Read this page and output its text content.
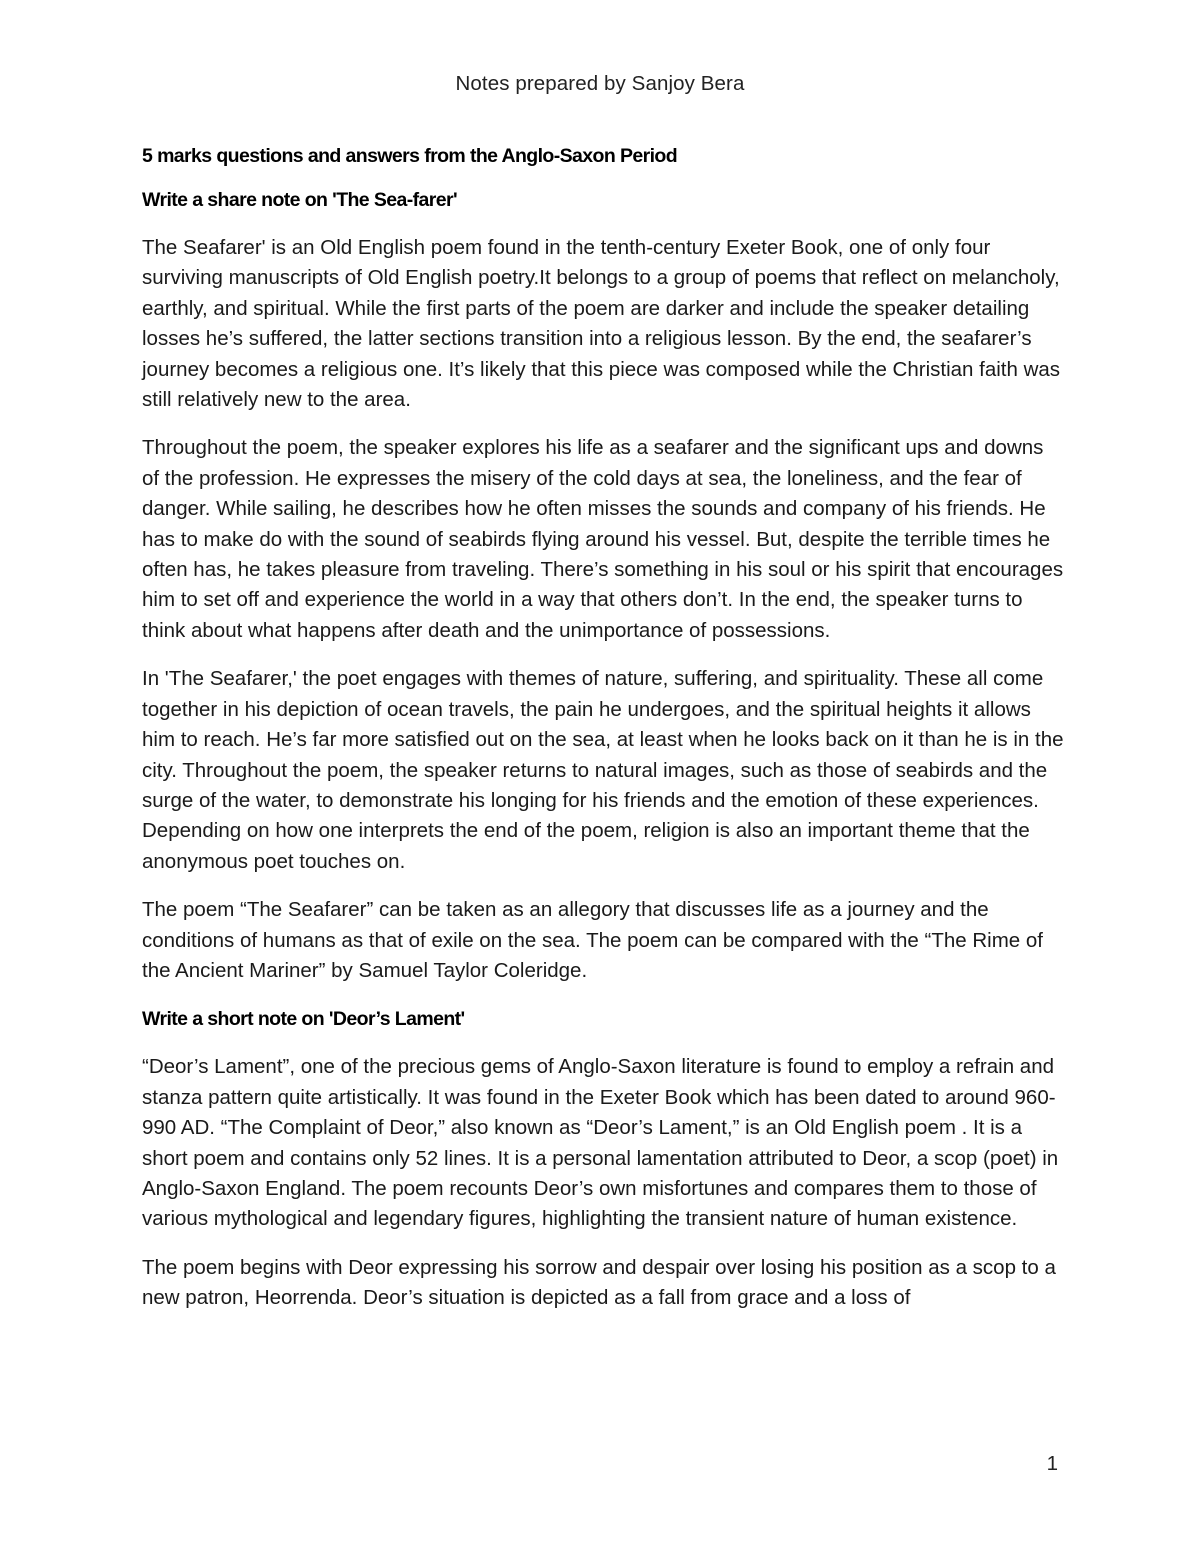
Notes prepared by Sanjoy Bera

5 marks questions and answers from the Anglo-Saxon Period

Write a share note on 'The Sea-farer'

The Seafarer' is an Old English poem found in the tenth-century Exeter Book, one of only four surviving manuscripts of Old English poetry.It belongs to a group of poems that reflect on melancholy, earthly, and spiritual. While the first parts of the poem are darker and include the speaker detailing losses he’s suffered, the latter sections transition into a religious lesson. By the end, the seafarer’s journey becomes a religious one. It’s likely that this piece was composed while the Christian faith was still relatively new to the area.

Throughout the poem, the speaker explores his life as a seafarer and the significant ups and downs of the profession. He expresses the misery of the cold days at sea, the loneliness, and the fear of danger. While sailing, he describes how he often misses the sounds and company of his friends. He has to make do with the sound of seabirds flying around his vessel. But, despite the terrible times he often has, he takes pleasure from traveling. There’s something in his soul or his spirit that encourages him to set off and experience the world in a way that others don’t. In the end, the speaker turns to think about what happens after death and the unimportance of possessions.

In 'The Seafarer,' the poet engages with themes of nature, suffering, and spirituality. These all come together in his depiction of ocean travels, the pain he undergoes, and the spiritual heights it allows him to reach. He’s far more satisfied out on the sea, at least when he looks back on it than he is in the city. Throughout the poem, the speaker returns to natural images, such as those of seabirds and the surge of the water, to demonstrate his longing for his friends and the emotion of these experiences. Depending on how one interprets the end of the poem, religion is also an important theme that the anonymous poet touches on.

The poem “The Seafarer” can be taken as an allegory that discusses life as a journey and the conditions of humans as that of exile on the sea. The poem can be compared with the “The Rime of the Ancient Mariner” by Samuel Taylor Coleridge.

Write a short note on 'Deor’s Lament'

“Deor’s Lament”, one of the precious gems of Anglo-Saxon literature is found to employ a refrain and stanza pattern quite artistically. It was found in the Exeter Book which has been dated to around 960-990 AD. “The Complaint of Deor,” also known as “Deor’s Lament,” is an Old English poem . It is a short poem and contains only 52 lines. It is a personal lamentation attributed to Deor, a scop (poet) in Anglo-Saxon England. The poem recounts Deor’s own misfortunes and compares them to those of various mythological and legendary figures, highlighting the transient nature of human existence.

The poem begins with Deor expressing his sorrow and despair over losing his position as a scop to a new patron, Heorrenda. Deor’s situation is depicted as a fall from grace and a loss of

1
